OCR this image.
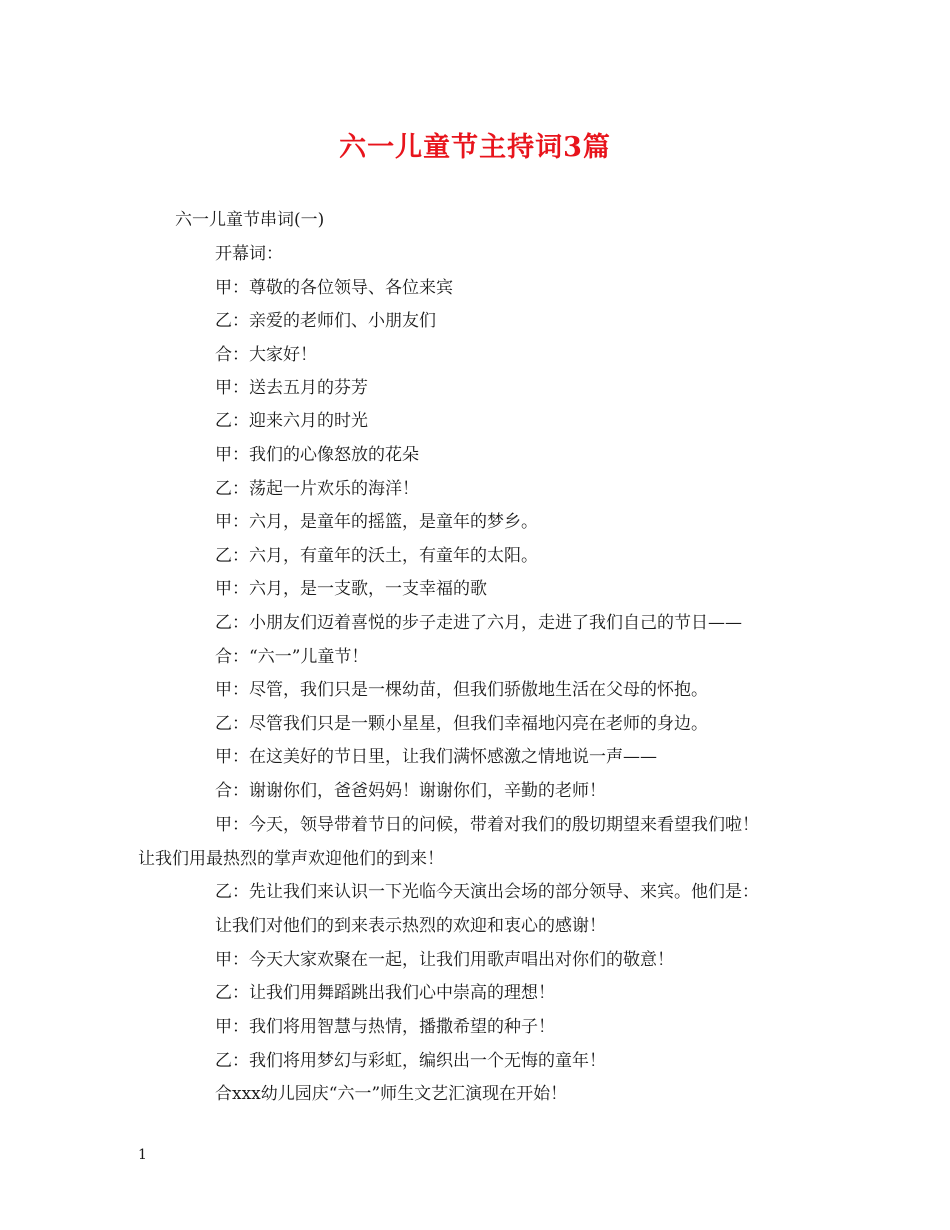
六一儿童节主持词3篇
六一儿童节串词(一)
开幕词：
甲：尊敬的各位领导、各位来宾
乙：亲爱的老师们、小朋友们
合：大家好！
甲：送去五月的芬芳
乙：迎来六月的时光
甲：我们的心像怒放的花朵
乙：荡起一片欢乐的海洋！
甲：六月，是童年的摇篮，是童年的梦乡。
乙：六月，有童年的沃土，有童年的太阳。
甲：六月，是一支歌，一支幸福的歌
乙：小朋友们迈着喜悦的步子走进了六月，走进了我们自己的节日——
合：“六一”儿童节！
甲：尽管，我们只是一棵幼苗，但我们骄傲地生活在父母的怀抱。
乙：尽管我们只是一颗小星星，但我们幸福地闪亮在老师的身边。
甲：在这美好的节日里，让我们满怀感激之情地说一声——
合：谢谢你们，爸爸妈妈！谢谢你们，辛勤的老师！
甲：今天，领导带着节日的问候，带着对我们的殷切期望来看望我们啦！
让我们用最热烈的掌声欢迎他们的到来！
乙：先让我们来认识一下光临今天演出会场的部分领导、来宾。他们是：
让我们对他们的到来表示热烈的欢迎和衷心的感谢！
甲：今天大家欢聚在一起，让我们用歌声唱出对你们的敬意！
乙：让我们用舞蹈跳出我们心中崇高的理想！
甲：我们将用智慧与热情，播撒希望的种子！
乙：我们将用梦幻与彩虹，编织出一个无悔的童年！
合xxx幼儿园庆“六一”师生文艺汇演现在开始！
1
